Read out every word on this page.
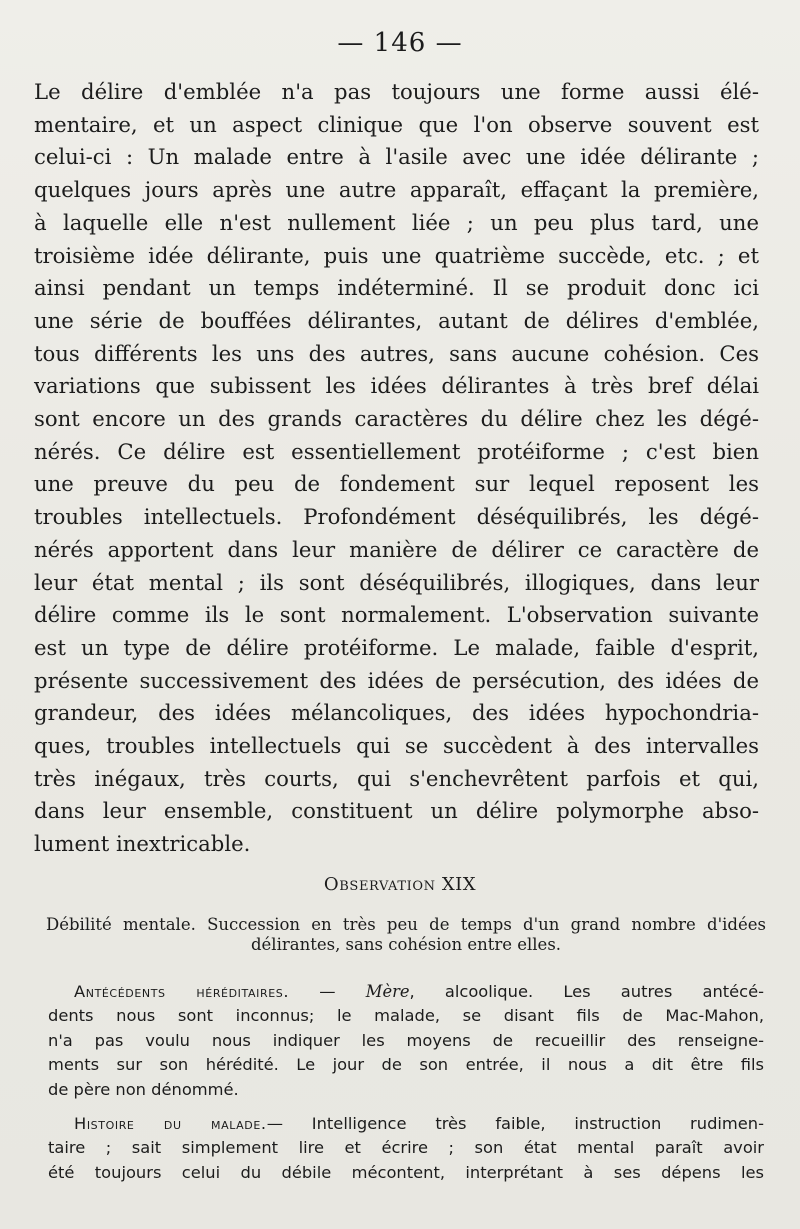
— 146 —
Le délire d'emblée n'a pas toujours une forme aussi élé-
mentaire, et un aspect clinique que l'on observe souvent est
celui-ci : Un malade entre à l'asile avec une idée délirante ;
quelques jours après une autre apparaît, effaçant la première,
à laquelle elle n'est nullement liée ; un peu plus tard, une
troisième idée délirante, puis une quatrième succède, etc. ; et
ainsi pendant un temps indéterminé. Il se produit donc ici
une série de bouffées délirantes, autant de délires d'emblée,
tous différents les uns des autres, sans aucune cohésion. Ces
variations que subissent les idées délirantes à très bref délai
sont encore un des grands caractères du délire chez les dégé-
nérés. Ce délire est essentiellement protéiforme ; c'est bien
une preuve du peu de fondement sur lequel reposent les
troubles intellectuels. Profondément déséquilibrés, les dégé-
nérés apportent dans leur manière de délirer ce caractère de
leur état mental ; ils sont déséquilibrés, illogiques, dans leur
délire comme ils le sont normalement. L'observation suivante
est un type de délire protéiforme. Le malade, faible d'esprit,
présente successivement des idées de persécution, des idées de
grandeur, des idées mélancoliques, des idées hypochondria-
ques, troubles intellectuels qui se succèdent à des intervalles
très inégaux, très courts, qui s'enchevrêtent parfois et qui,
dans leur ensemble, constituent un délire polymorphe abso-
lument inextricable.
Observation XIX
Débilité mentale. Succession en très peu de temps d'un grand nombre d'idées
délirantes, sans cohésion entre elles.
Antécédents héréditaires. — Mère, alcoolique. Les autres antécé-
dents nous sont inconnus; le malade, se disant fils de Mac-Mahon,
n'a pas voulu nous indiquer les moyens de recueillir des renseigne-
ments sur son hérédité. Le jour de son entrée, il nous a dit être fils
de père non dénommé.
Histoire du malade.— Intelligence très faible, instruction rudimen-
taire ; sait simplement lire et écrire ; son état mental paraît avoir
été toujours celui du débile mécontent, interprétant à ses dépens les
